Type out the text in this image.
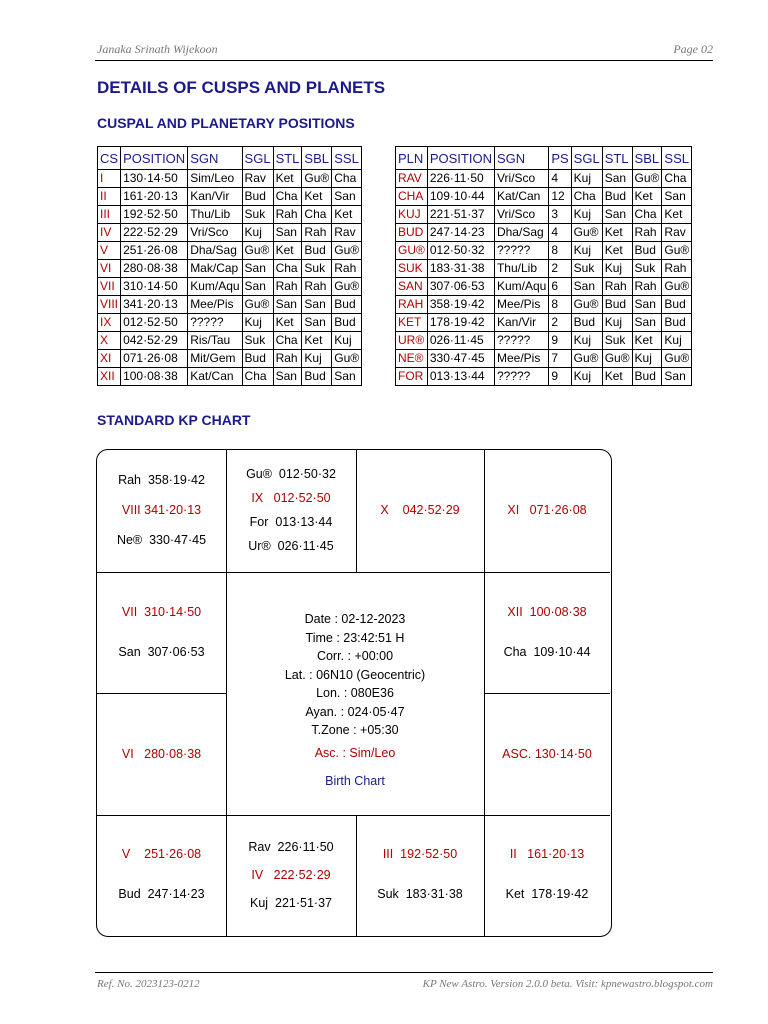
Janaka Srinath Wijekoon	Page 02
DETAILS OF CUSPS AND PLANETS
CUSPAL AND PLANETARY POSITIONS
CS	POSITION	SGN	SGL	STL	SBL	SSL
I	130·14·50	Sim/Leo	Rav	Ket	Gu®	Cha
II	161·20·13	Kan/Vir	Bud	Cha	Ket	San
III	192·52·50	Thu/Lib	Suk	Rah	Cha	Ket
IV	222·52·29	Vri/Sco	Kuj	San	Rah	Rav
V	251·26·08	Dha/Sag	Gu®	Ket	Bud	Gu®
VI	280·08·38	Mak/Cap	San	Cha	Suk	Rah
VII	310·14·50	Kum/Aqu	San	Rah	Rah	Gu®
VIII	341·20·13	Mee/Pis	Gu®	San	San	Bud
IX	012·52·50	?????	Kuj	Ket	San	Bud
X	042·52·29	Ris/Tau	Suk	Cha	Ket	Kuj
XI	071·26·08	Mit/Gem	Bud	Rah	Kuj	Gu®
XII	100·08·38	Kat/Can	Cha	San	Bud	San
PLN	POSITION	SGN	PS	SGL	STL	SBL	SSL
RAV	226·11·50	Vri/Sco	4	Kuj	San	Gu®	Cha
CHA	109·10·44	Kat/Can	12	Cha	Bud	Ket	San
KUJ	221·51·37	Vri/Sco	3	Kuj	San	Cha	Ket
BUD	247·14·23	Dha/Sag	4	Gu®	Ket	Rah	Rav
GU®	012·50·32	?????	8	Kuj	Ket	Bud	Gu®
SUK	183·31·38	Thu/Lib	2	Suk	Kuj	Suk	Rah
SAN	307·06·53	Kum/Aqu	6	San	Rah	Rah	Gu®
RAH	358·19·42	Mee/Pis	8	Gu®	Bud	San	Bud
KET	178·19·42	Kan/Vir	2	Bud	Kuj	San	Bud
UR®	026·11·45	?????	9	Kuj	Suk	Ket	Kuj
NE®	330·47·45	Mee/Pis	7	Gu®	Gu®	Kuj	Gu®
FOR	013·13·44	?????	9	Kuj	Ket	Bud	San
STANDARD KP CHART
Rah  358·19·42
VIII 341·20·13
Ne®  330·47·45
Gu®  012·50·32
IX   012·52·50
For  013·13·44
Ur®  026·11·45
X    042·52·29	XI   071·26·08
VII  310·14·50
San  307·06·53
XII  100·08·38
Cha  109·10·44
VI   280·08·38	ASC. 130·14·50
Date : 02-12-2023
Time : 23:42:51 H
Corr. : +00:00
Lat. : 06N10 (Geocentric)
Lon. : 080E36
Ayan. : 024·05·47
T.Zone : +05:30
Asc. : Sim/Leo
Birth Chart
V    251·26·08
Bud  247·14·23
Rav  226·11·50
IV   222·52·29
Kuj  221·51·37
III  192·52·50
Suk  183·31·38
II   161·20·13
Ket  178·19·42
Ref. No. 2023123-0212	KP New Astro. Version 2.0.0 beta. Visit: kpnewastro.blogspot.com
